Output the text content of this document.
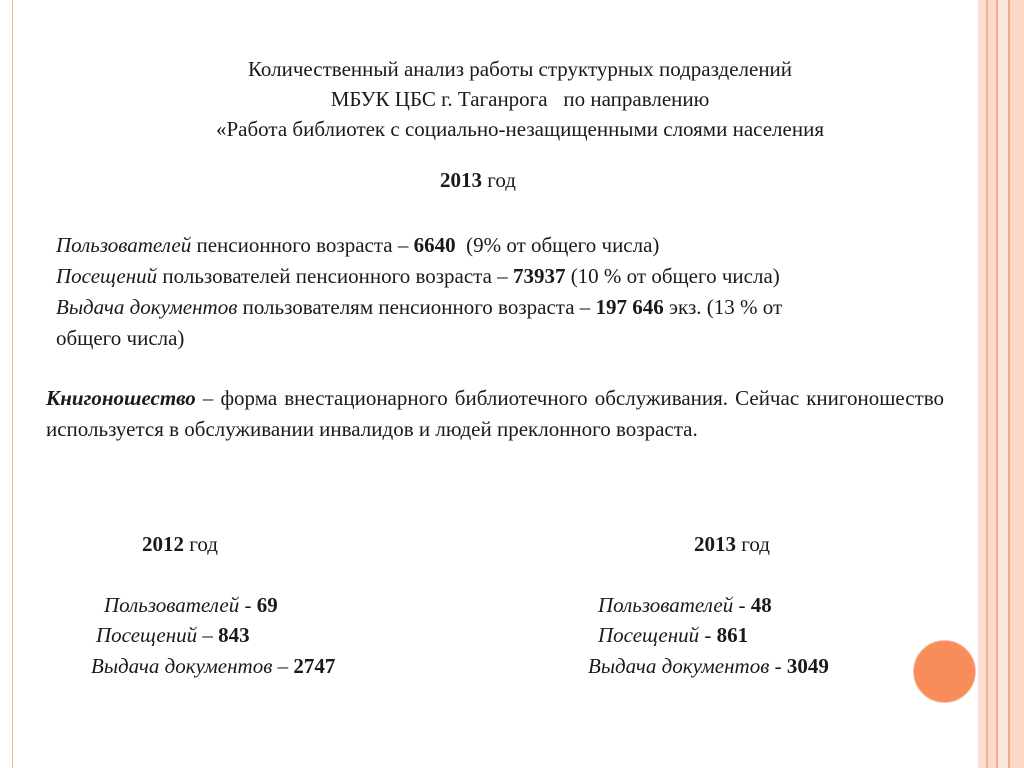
Количественный анализ работы структурных подразделений
МБУК ЦБС г. Таганрога   по направлению
«Работа библиотек с социально-незащищенными слоями населения
2013 год
Пользователей пенсионного возраста – 6640  (9% от общего числа)
Посещений пользователей пенсионного возраста – 73937 (10 % от общего числа)
Выдача документов пользователям пенсионного возраста – 197 646 экз. (13 % от
общего числа)
Книгоношество – форма внестационарного библиотечного обслуживания. Сейчас книгоношество используется в обслуживании инвалидов и людей преклонного возраста.
2012 год	2013 год
Пользователей - 69
Посещений – 843
Выдача документов – 2747
Пользователей - 48
Посещений - 861
Выдача документов - 3049
